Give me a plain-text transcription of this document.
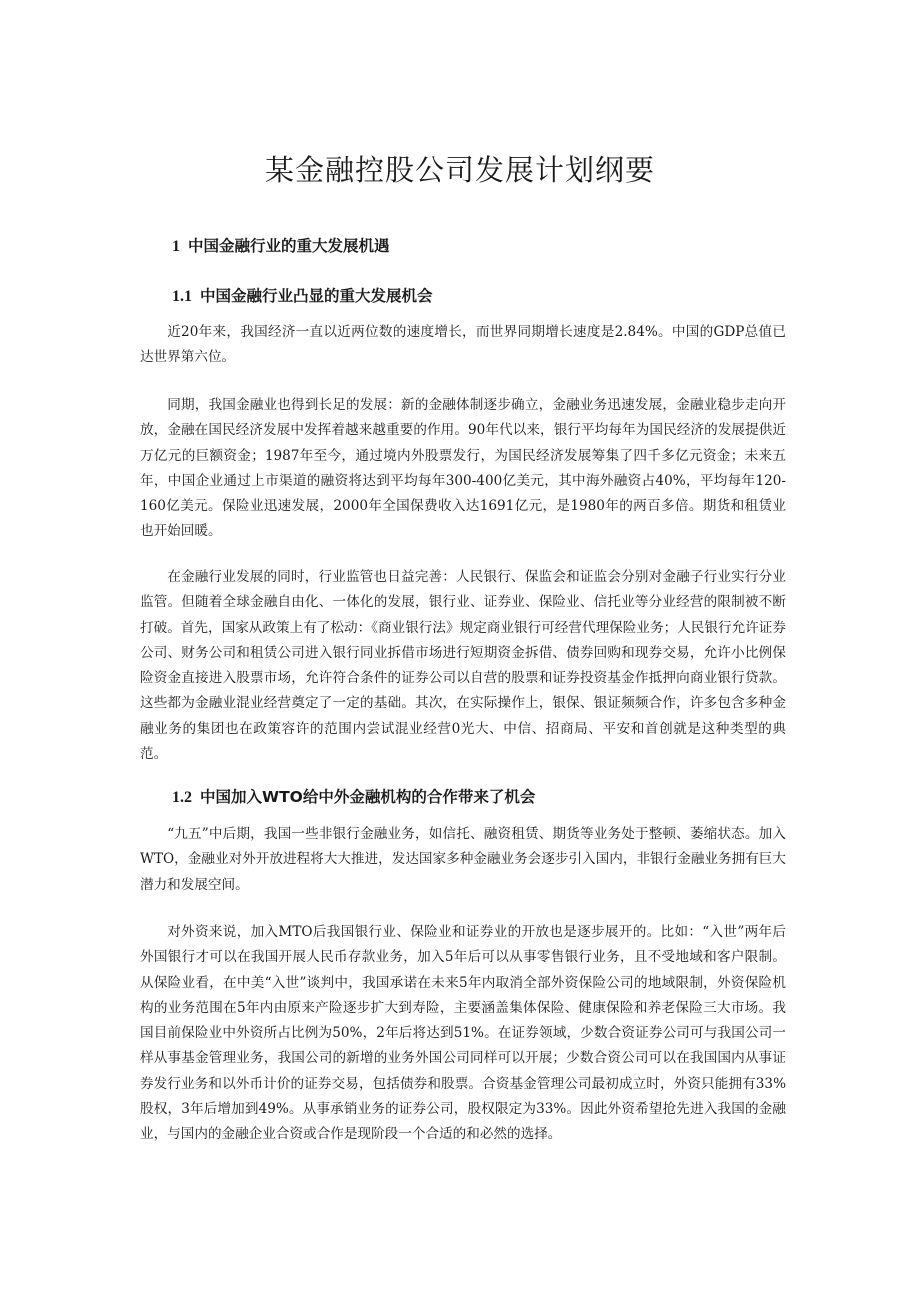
某金融控股公司发展计划纲要
1 中国金融行业的重大发展机遇
1.1 中国金融行业凸显的重大发展机会

近20年来，我国经济一直以近两位数的速度增长，而世界同期增长速度是2.84%。中国的GDP总值已达世界第六位。

同期，我国金融业也得到长足的发展：新的金融体制逐步确立，金融业务迅速发展，金融业稳步走向开放，金融在国民经济发展中发挥着越来越重要的作用。90年代以来，银行平均每年为国民经济的发展提供近万亿元的巨额资金；1987年至今，通过境内外股票发行，为国民经济发展筹集了四千多亿元资金；未来五年，中国企业通过上市渠道的融资将达到平均每年300-400亿美元，其中海外融资占40%，平均每年120-160亿美元。保险业迅速发展，2000年全国保费收入达1691亿元，是1980年的两百多倍。期货和租赁业也开始回暖。

在金融行业发展的同时，行业监管也日益完善：人民银行、保监会和证监会分别对金融子行业实行分业监管。但随着全球金融自由化、一体化的发展，银行业、证券业、保险业、信托业等分业经营的限制被不断打破。首先，国家从政策上有了松动：《商业银行法》规定商业银行可经营代理保险业务；人民银行允许证券公司、财务公司和租赁公司进入银行同业拆借市场进行短期资金拆借、债券回购和现券交易，允许小比例保险资金直接进入股票市场，允许符合条件的证券公司以自营的股票和证券投资基金作抵押向商业银行贷款。这些都为金融业混业经营奠定了一定的基础。其次，在实际操作上，银保、银证频频合作，许多包含多种金融业务的集团也在政策容许的范围内尝试混业经营0光大、中信、招商局、平安和首创就是这种类型的典范。

1.2 中国加入WTO给中外金融机构的合作带来了机会

“九五”中后期，我国一些非银行金融业务，如信托、融资租赁、期货等业务处于整顿、萎缩状态。加入WTO，金融业对外开放进程将大大推进，发达国家多种金融业务会逐步引入国内，非银行金融业务拥有巨大潜力和发展空间。

对外资来说，加入MTO后我国银行业、保险业和证券业的开放也是逐步展开的。比如：“入世”两年后外国银行才可以在我国开展人民币存款业务，加入5年后可以从事零售银行业务，且不受地域和客户限制。从保险业看，在中美“入世”谈判中，我国承诺在未来5年内取消全部外资保险公司的地域限制，外资保险机构的业务范围在5年内由原来产险逐步扩大到寿险，主要涵盖集体保险、健康保险和养老保险三大市场。我国目前保险业中外资所占比例为50%，2年后将达到51%。在证券领域，少数合资证券公司可与我国公司一样从事基金管理业务，我国公司的新增的业务外国公司同样可以开展；少数合资公司可以在我国国内从事证券发行业务和以外币计价的证券交易，包括债券和股票。合资基金管理公司最初成立时，外资只能拥有33%股权，3年后增加到49%。从事承销业务的证券公司，股权限定为33%。因此外资希望抢先进入我国的金融业，与国内的金融企业合资或合作是现阶段一个合适的和必然的选择。
